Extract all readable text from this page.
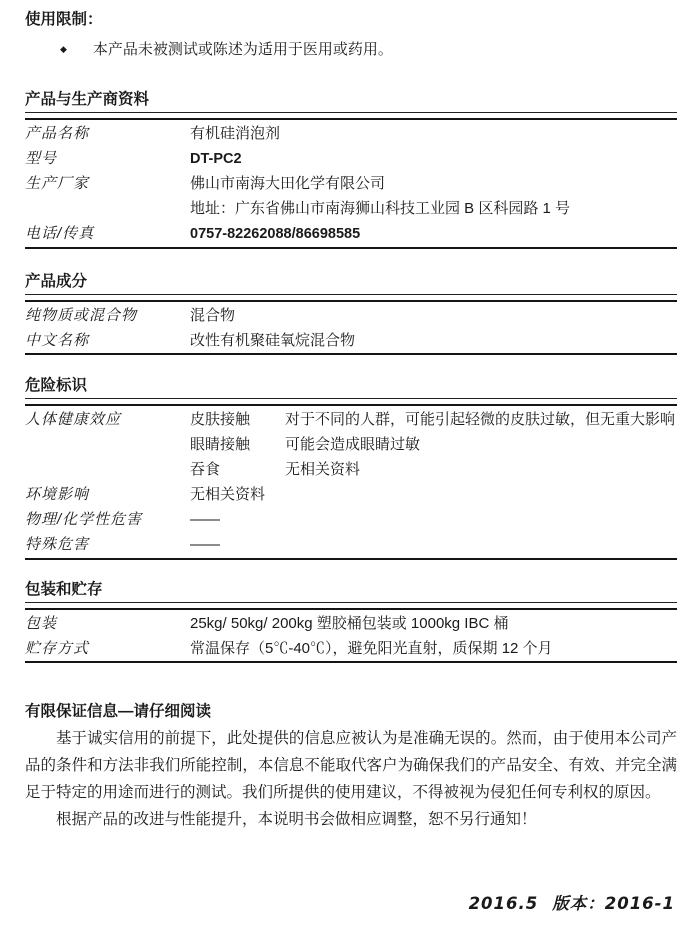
使用限制：
◆ 本产品未被测试或陈述为适用于医用或药用。
产品与生产商资料
产品名称	有机硅消泡剂
型号	DT-PC2
生产厂家	佛山市南海大田化学有限公司
	地址：广东省佛山市南海狮山科技工业园 B 区科园路 1 号
电话/传真	0757-82262088/86698585
产品成分
纯物质或混合物	混合物
中文名称	改性有机聚硅氧烷混合物
危险标识
人体健康效应	皮肤接触	对于不同的人群，可能引起轻微的皮肤过敏，但无重大影响
	眼睛接触	可能会造成眼睛过敏
	吞食	无相关资料
环境影响	无相关资料	
物理/化学性危害	——	
特殊危害	——	
包装和贮存
包装	25kg/ 50kg/ 200kg 塑胶桶包装或 1000kg IBC 桶
贮存方式	常温保存（5℃-40℃），避免阳光直射，质保期 12 个月
有限保证信息—请仔细阅读

基于诚实信用的前提下，此处提供的信息应被认为是准确无误的。然而，由于使用本公司产品的条件和方法非我们所能控制，本信息不能取代客户为确保我们的产品安全、有效、并完全满足于特定的用途而进行的测试。我们所提供的使用建议，不得被视为侵犯任何专利权的原因。

根据产品的改进与性能提升，本说明书会做相应调整，恕不另行通知！

2016.5 版本：2016-1
